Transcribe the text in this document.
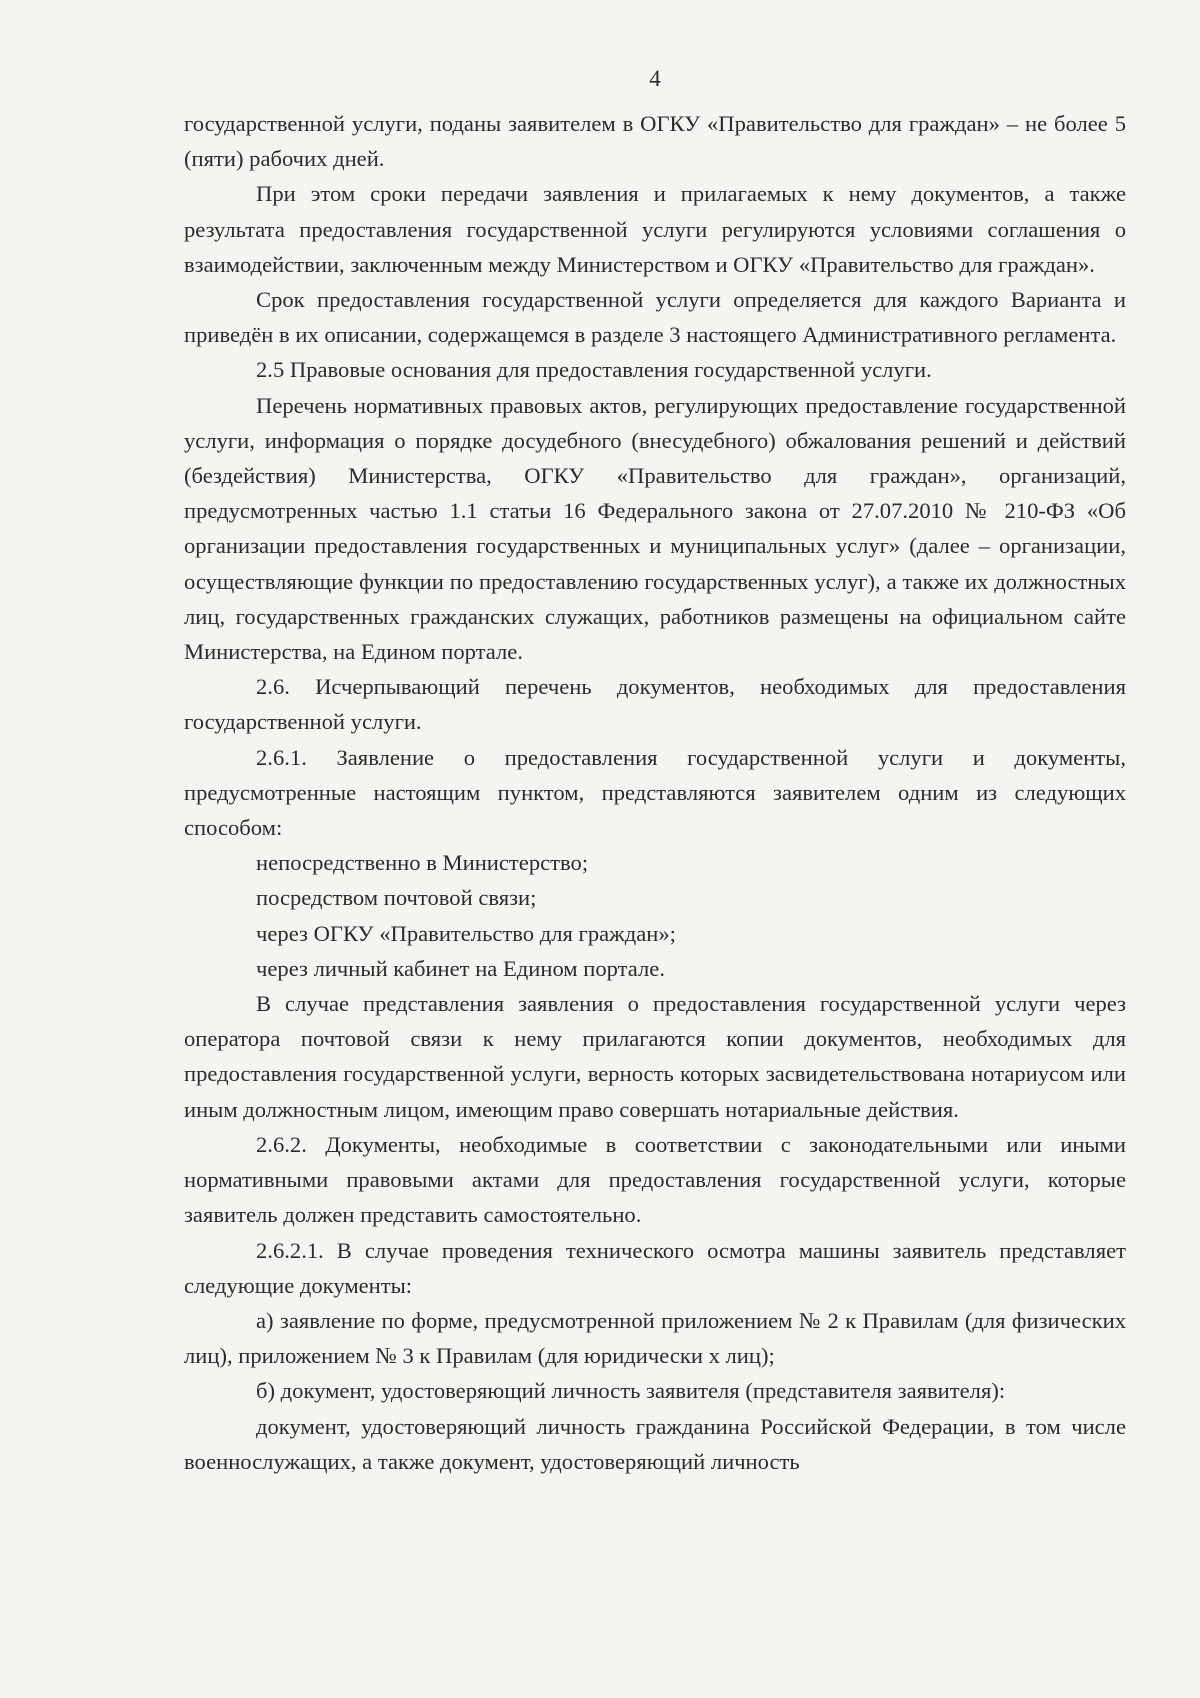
4

государственной услуги, поданы заявителем в ОГКУ «Правительство для граждан» – не более 5 (пяти) рабочих дней.

При этом сроки передачи заявления и прилагаемых к нему документов, а также результата предоставления государственной услуги регулируются условиями соглашения о взаимодействии, заключенным между Министерством и ОГКУ «Правительство для граждан».

Срок предоставления государственной услуги определяется для каждого Варианта и приведён в их описании, содержащемся в разделе 3 настоящего Административного регламента.

2.5 Правовые основания для предоставления государственной услуги.

Перечень нормативных правовых актов, регулирующих предоставление государственной услуги, информация о порядке досудебного (внесудебного) обжалования решений и действий (бездействия) Министерства, ОГКУ «Правительство для граждан», организаций, предусмотренных частью 1.1 статьи 16 Федерального закона от 27.07.2010 № 210-ФЗ «Об организации предоставления государственных и муниципальных услуг» (далее – организации, осуществляющие функции по предоставлению государственных услуг), а также их должностных лиц, государственных гражданских служащих, работников размещены на официальном сайте Министерства, на Едином портале.

2.6. Исчерпывающий перечень документов, необходимых для предоставления государственной услуги.

2.6.1. Заявление о предоставления государственной услуги и документы, предусмотренные настоящим пунктом, представляются заявителем одним из следующих способом:

непосредственно в Министерство;

посредством почтовой связи;

через ОГКУ «Правительство для граждан»;

через личный кабинет на Едином портале.

В случае представления заявления о предоставления государственной услуги через оператора почтовой связи к нему прилагаются копии документов, необходимых для предоставления государственной услуги, верность которых засвидетельствована нотариусом или иным должностным лицом, имеющим право совершать нотариальные действия.

2.6.2. Документы, необходимые в соответствии с законодательными или иными нормативными правовыми актами для предоставления государственной услуги, которые заявитель должен представить самостоятельно.

2.6.2.1. В случае проведения технического осмотра машины заявитель представляет следующие документы:

а) заявление по форме, предусмотренной приложением № 2 к Правилам (для физических лиц), приложением № 3 к Правилам (для юридически х лиц);

б) документ, удостоверяющий личность заявителя (представителя заявителя):

документ, удостоверяющий личность гражданина Российской Федерации, в том числе военнослужащих, а также документ, удостоверяющий личность
